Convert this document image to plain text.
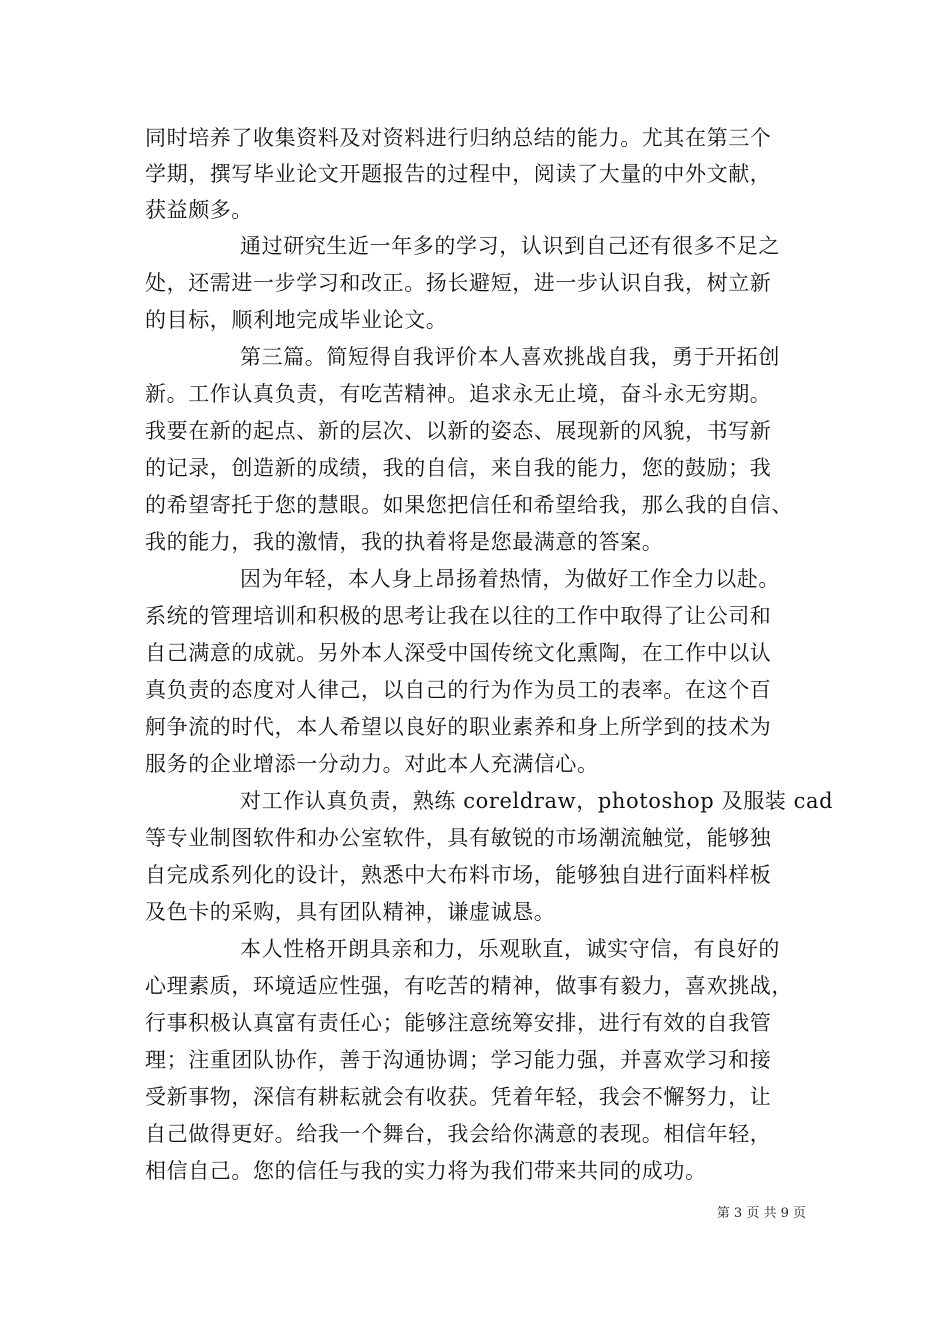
同时培养了收集资料及对资料进行归纳总结的能力。尤其在第三个
学期，撰写毕业论文开题报告的过程中，阅读了大量的中外文献，
获益颇多。
通过研究生近一年多的学习，认识到自己还有很多不足之
处，还需进一步学习和改正。扬长避短，进一步认识自我，树立新
的目标，顺利地完成毕业论文。
第三篇。简短得自我评价本人喜欢挑战自我，勇于开拓创
新。工作认真负责，有吃苦精神。追求永无止境，奋斗永无穷期。
我要在新的起点、新的层次、以新的姿态、展现新的风貌，书写新
的记录，创造新的成绩，我的自信，来自我的能力，您的鼓励；我
的希望寄托于您的慧眼。如果您把信任和希望给我，那么我的自信、
我的能力，我的激情，我的执着将是您最满意的答案。
因为年轻，本人身上昂扬着热情，为做好工作全力以赴。
系统的管理培训和积极的思考让我在以往的工作中取得了让公司和
自己满意的成就。另外本人深受中国传统文化熏陶，在工作中以认
真负责的态度对人律己，以自己的行为作为员工的表率。在这个百
舸争流的时代，本人希望以良好的职业素养和身上所学到的技术为
服务的企业增添一分动力。对此本人充满信心。
对工作认真负责，熟练 coreldraw，photoshop 及服装 cad
等专业制图软件和办公室软件，具有敏锐的市场潮流触觉，能够独
自完成系列化的设计，熟悉中大布料市场，能够独自进行面料样板
及色卡的采购，具有团队精神，谦虚诚恳。
本人性格开朗具亲和力，乐观耿直，诚实守信，有良好的
心理素质，环境适应性强，有吃苦的精神，做事有毅力，喜欢挑战，
行事积极认真富有责任心；能够注意统筹安排，进行有效的自我管
理；注重团队协作，善于沟通协调；学习能力强，并喜欢学习和接
受新事物，深信有耕耘就会有收获。凭着年轻，我会不懈努力，让
自己做得更好。给我一个舞台，我会给你满意的表现。相信年轻，
相信自己。您的信任与我的实力将为我们带来共同的成功。
第 3 页 共 9 页
